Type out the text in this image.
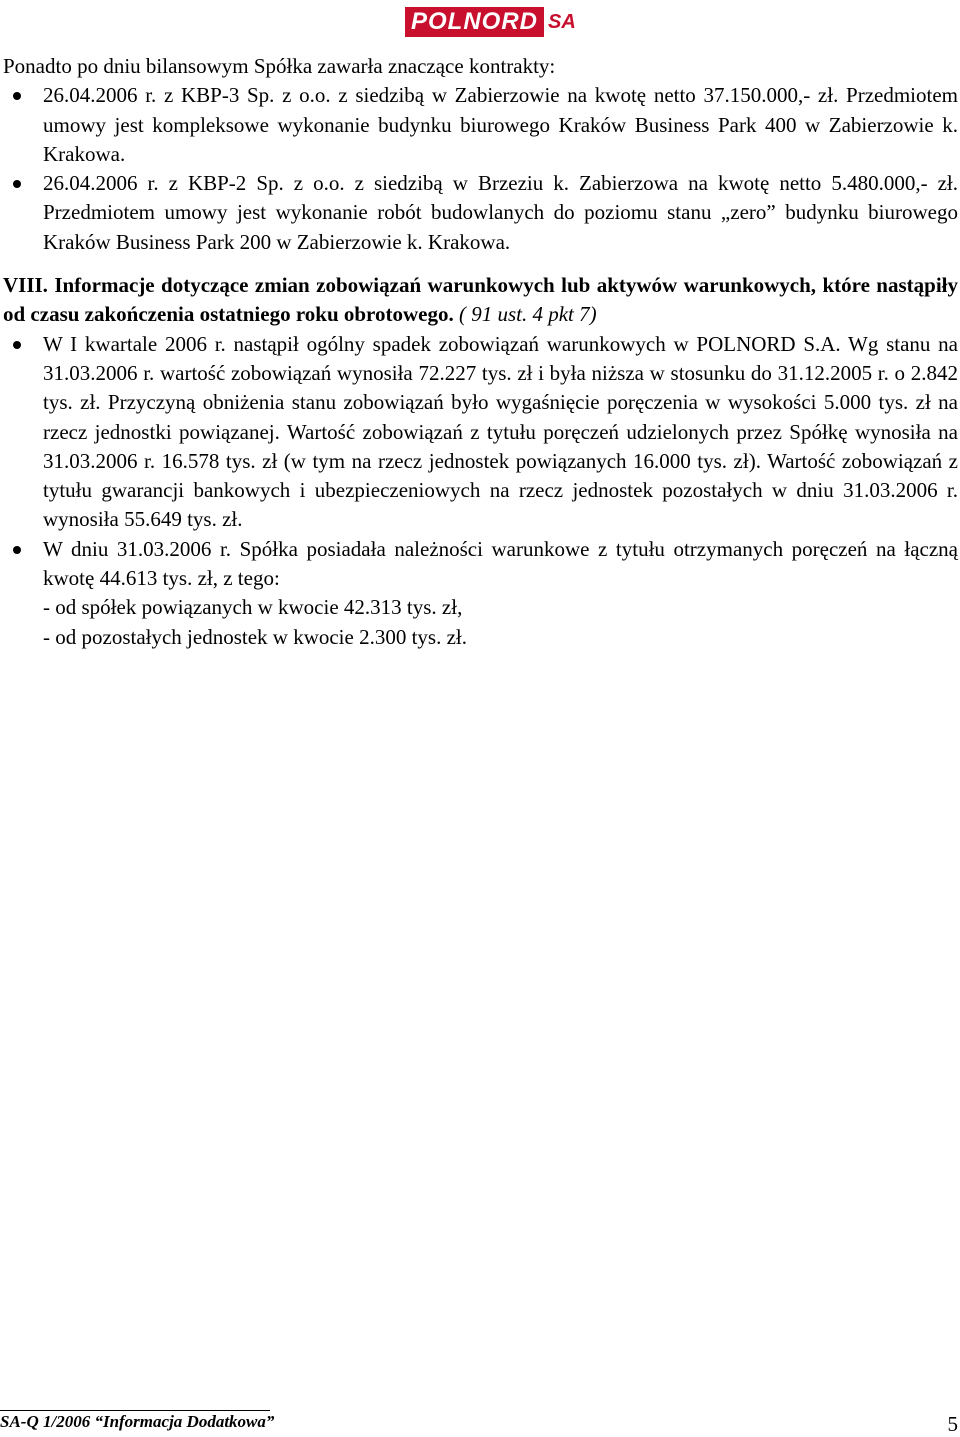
POLNORD SA

Ponadto po dniu bilansowym Spółka zawarła znaczące kontrakty:

26.04.2006 r. z KBP-3 Sp. z o.o. z siedzibą w Zabierzowie na kwotę netto 37.150.000,- zł. Przedmiotem umowy jest kompleksowe wykonanie budynku biurowego Kraków Business Park 400 w Zabierzowie k. Krakowa.
26.04.2006 r. z KBP-2 Sp. z o.o. z siedzibą w Brzeziu k. Zabierzowa na kwotę netto 5.480.000,- zł. Przedmiotem umowy jest wykonanie robót budowlanych do poziomu stanu „zero” budynku biurowego Kraków Business Park 200 w Zabierzowie k. Krakowa.

VIII. Informacje dotyczące zmian zobowiązań warunkowych lub aktywów warunkowych, które nastąpiły od czasu zakończenia ostatniego roku obrotowego. ( 91 ust. 4 pkt 7)

W I kwartale 2006 r. nastąpił ogólny spadek zobowiązań warunkowych w POLNORD S.A. Wg stanu na 31.03.2006 r. wartość zobowiązań wynosiła 72.227 tys. zł i była niższa w stosunku do 31.12.2005 r. o 2.842 tys. zł. Przyczyną obniżenia stanu zobowiązań było wygaśnięcie poręczenia w wysokości 5.000 tys. zł na rzecz jednostki powiązanej. Wartość zobowiązań z tytułu poręczeń udzielonych przez Spółkę wynosiła na 31.03.2006 r. 16.578 tys. zł (w tym na rzecz jednostek powiązanych 16.000 tys. zł). Wartość zobowiązań z tytułu gwarancji bankowych i ubezpieczeniowych na rzecz jednostek pozostałych w dniu 31.03.2006 r. wynosiła 55.649 tys. zł.
W dniu 31.03.2006 r. Spółka posiadała należności warunkowe z tytułu otrzymanych poręczeń na łączną kwotę 44.613 tys. zł, z tego:
- od spółek powiązanych w kwocie 42.313 tys. zł,
- od pozostałych jednostek w kwocie 2.300 tys. zł.
SA-Q 1/2006 “Informacja Dodatkowa”	5
